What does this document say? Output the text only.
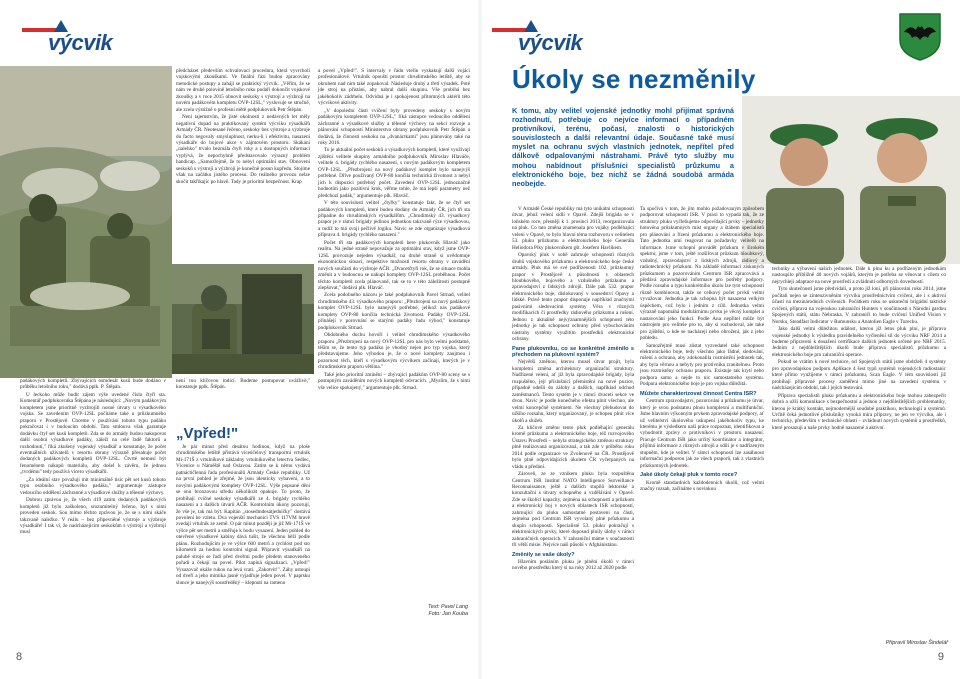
výcvik

padákových kompletů. Zbývajících osmdesát kusů bude dodáno v průběhu letošního roku," dodává pplk. P. Štěpán.

U leckoho může budit zájem výše uvedené číslo čtyři sta. Komentář podplukovníka Štěpána je následující: „Novým padákovým kompletem jsme prioritně vyzbrojili nosné útvary u výsadkového vojska. Se zavedením OVP-12SL počítáme také u průzkumného praporu v Prostějově. Chceme v používání tohoto typu padáku pokračovat i v budoucím období. Tato smlouva však garantuje dodávku čtyř set kusů kompletů. Zda se do armády budou nakupovat další osobní výsadkové padáky, záleží na celé řadě faktorů a rozhodnutí," říká zkušený vojenský výsadkář a konstatuje, že počet eventuálních uživatelů v resortu obrany výrazně přesahuje počet dodaných padákových kompletů OVP-12SL. Čtvrté nemusí být fenoménem nákupů materiálu, aby došel k závěru, že jednou „tvrdému" tedy používá vícero výsadkářů.

„Za ideální stav považuji mít minimálně tisíc pět set kusů tohoto typu osobního výsadkového padáku," argumentuje zástupce vedoucího oddělení záchranné a výsadkové služby a tělesné výchovy.

Dobrou zprávou je, že všech 419 zatím dodaných padákových kompletů již bylo zaškoleno, srozumitelný řečeno, byl s nimi proveden seskok. Sou mimo těchto zprávou je, že se s nimi skáče takzvaně naležko. V reálu – bez připevněné výstroje a výzbroje výsadkáře! I tak ví, že nadcházejícím seskokům s výstrojí a výzbrojí musí

předcházet především schvalovací procedura, která vyvrcholí vojskovými zkouškami. Ve finální fázi budou zpracovány metodické postupy a zahájí se praktický výcvik. „Věřím, že se nám ve druhé polovině letošního roku podaří dokončit vojskové zkoušky a v roce 2015 obnovit seskoky s výstrojí a výzbrojí na novém padákovém kompletu OVP-12SL," vyslovuje se stručně, ale zcela výstižně o profesní mětě podplukovník Petr Štěpán.

Není tajemstvím, že jisté okolnosti z nedávných let měly negativní dopad na praktikovaný systém výcviku výsadkářů Armády ČR. Neotesané řečeno, seskoky bez výstroje a výzbroje do facto negovaly smysluplnost, nerku-li i efektivitu, nasazení výsadkáře do bojové akce v zájmovém prostoru. Skákání „nalehko" trvalo bezmála čtyři roky a z dostupných informací vyplývá, že nepochybně představovalo výrazný problém handicap. „Samozřejmě, že to nebyl optimální stav. Obnovení seskoků s výstrojí a výzbrojí je konečně posun kupředu. Stojíme však na začátku jistého procesu. Do reálného provozu nelze skočit takříkajíc po hlavě. Tady je prioritní bezpečnost. Krap

není tou klíčovou indicí. Budeme postupovat uvážlivě," konstatuje pplk. Štěpán.

„Vpřed!"

Je pár minut před desátou hodinou, když na ploše chrudimského letiště přistává víceúčelový transportní vrtulník Mi-171Š z vrtulníkové základny vrtulníkového letectva Sedlec, Vícenice u Náměště nad Oslavou. Zatím se k němu vydává patnáctičlenná řada profesionálů Armády České republiky. Už na první pohled je zřejmé, že jsou identicky vybaveni, a to novými padákovými komplety OVP-12SL. Výše popsané děni se onu bronzovou středu několikrát opakuje. To proto, že probíhají cvičné seskoky výsadkářů ze 4. brigády rychlého nasazení a z dalších útvarů AČR. Kontrolním úkony pozorují, že vše je, tak má být. Kapitán „stosedmdesátjedničky" dostává povolení ke vzletu. Dva vojenští mechanici TVS 117VM hravě zvedají vrtulník ze země. O pár minut později je již Mi-171Š ve výšce pět set metrů a směřuje k bodu vysazení. Jeden pohled do otevřené výsadkové kabiny dává tušit, že všechno běží podle plánu. Rozhodujícím je ve výšce 600 metrů a rychlost pod sto kilometrů za hodinu kontrolní signál. Přípravit výsadkáři na palubě stroje se řadí před dveřmi podle předem stanoveného pořadí a čekají na povel. Pilot zapíná signalizaci. „Vpřed!" Vysazovač ukáže rukou na levá vrati. „Zakotvit!". Záhy ustoupí od dveří a jeho mimika jasně vyjadřuje jeden povel. V paprsku slunce je nanejvýš soustředěný – klepnutí na rameno

a povel „Vpřed!". S intervaly v řádu vteřin vyskakují další vojáci profesionálové. Vrtulník opouští prostor chrudimského letiště, aby se okruhem nad ním také zopakoval. Následuje druhý a třetí výsadek. Poté jde stroj na přistání, aby nabral další skupinu. Vše probíhá bez jakéhokoliv zádrhelu. Odvídná je i spokojenost přítomných aktérů této výcvikové aktivity.

„V dopolední části cvičení byly provedeny seskoky s novým padákovým kompletem OVP-12SL," říká zástupce vedoucího oddělení záchranné a výsadkové služby a tělesné výchovy na sekci rozvoje a plánování schopností Ministerstva obrany podplukovník Petr Štěpán a dodává, že činnosti seskoku na „dvanáctkami" jsou plánovány také na roky 2016.

To je aktuální počet seskoků a výsadkových kompletů, které využívají zjištění velitele skupiny armádního podplukovník Miroslav Hlaváče, velitele 4. brigády rychlého nasazení, s novým padákovým kompletem OVP-12SL. „Přezbrojení na nový padákový komplet bylo nanejvýš potřebné. Dříve používaný OVP-80 končila technická životnost a nebyl jich k dispozici potřebný počet. Zavedení OVP-12SL jednoznačně hodnotím jako pozitivní krok, věřme tohle, že má lepší parametry než předchozí padák," argumentuje plk. Hlaváč.

V této souvislosti velitel „čtyřky" konstatuje fakt, že se čtyř set padákových kompletů, které budou dodány do Armády ČR, jich tři sta připadne do chrudimských výsadkářům. „Chrudimský 43. výsadkový prapor je v rámci brigády jedinou jednotkou takzvaně rýze výsadkovou, a tudíž to má svoji pečlivě logiku. Navíc se zde organizuje výsadková příprava 4. brigády rychlého nasazení."

Počet tři sta padákových kompletů bere plukovník Hlaváč jako realitu. Na jedné straně nepovažuje za optimální stav, když jsme OVP-12SL provozuje nejeden výsadkář, na druhé straně si uvědomuje ekonomickou situaci, respektive možnosti resortu obrany v zavádění nových součástí do výzbroje AČR. „Dvacetčtyři rok, že se situace mohla změnit a v budoucnu se nakupí komplety OVP-12SL proběhnou. Počet těchto kompletů zcela plánovaně, tak se to v této záležitosti postupně zlepšovat," dodává plk. Hlaváč.

Zcela podobného názoru je také podplukovník Pavel Strnad, velitel chrudimského 43. výsadkového praporu: „Přezbrojení na nový padákový komplet OVP-12SL bylo nanejvýš potřebné, jelikož nás padákové komplety OVP-80 končila technická životnost. Padáky OVP-12SL přinášejí v porovnání se starými padáky řadu výhod," konstatuje podplukovník Strnad.

Obdobného duchu hovoří i velitel chrudimského výsadkového praporu „Přezbrojení na nový OVP-12SL pro nás bylo velmi podstatné, těším se, že tento typ padáku je vhodný nejen pro typ vojska, který představujeme. Jeho výhodou je, že o nové komplety zaujmou i pozornost těch, kteří s výsadkovým výcvikem začínají, kterých je v chrudimském praporu většina."

Také jeho prioritní zmínění – zbývající padákům OVP-80 sceny se s postupným zaváděním nových kompletů odvracích. „Myslím, že s nimi vše velice spokojený," argumentuje plk. Strnad.

Text: Pavel Lang
Foto: Jan Kouba
8
výcvik
Úkoly se nezměnily
K tomu, aby velitel vojenské jednotky mohl přijímat správná rozhodnutí, potřebuje co nejvíce informací o případném protivníkovi, terénu, počasí, znalosti o historických souvislostech a další relevantní údaje. Současné také musí myslet na ochranu svých vlastních jednotek, nepřítel před dálkově odpalovanými nástrahami. Právě tyto služby mu mohou nabídnout příslušníci specialistů průzkumu a elektronického boje, bez nichž se žádná soudobá armáda neobejde.

V Armádě České republiky má tyto unikátní schopnosti útvar, jehož velení sídlí v Opavě. Zdejší brigáda se v loňském roce, přesněji k 1. prosinci 2013, reorganizovala na pluk. Co tato změna znamenala pro vojáky podléhající velení v Opavě, to bylo hlavní téma rozhovoru s velitelem 53. pluku průzkumu a elektronického boje Generála Heliodora Píky plukovníkem gšt. Josefem Havlíkem.

Opavský pluk v sobě zahrnuje schopnosti různých druhů vojskového průzkumu a elektronického boje české armády. Pluk má ve své podřízenosti 102. průzkumný prapor v Prostějově s působností v oblastech hloubkového, bojového a vzdušného průzkumu a zpravodajství z lidských zdrojů. Dále pak 532. prapor elektronického boje, dislokovaný v sousedství Opavy a lidské. Právě tento prapor disponuje například značnými pasivními sledovacími systémy Věra v různých modifikacích či prostředky rádiového průzkumu a rušení. Jednou z aktuálně nejvýznamnějších schopností této jednotky je tak schopnost ochrany před vybuchováním nástrahy systémy využitím prostředků elektronické ochrany.

Pane plukovníku, co se konkrétně změnilo s přechodem na plukovní systém?

Největší změnou, kterou musel útvar projít, byla kompletní změna architektury organizační struktury. Nadřízené velení, ať již byla zpravodajské brigády, byla rozpuštěno, její příslušníci přemístění na nové pozice, případně odešli do zálohy a dalších, například odchod zaměstnanců. Tento systém je v rámci dvaceti sekce ve dvou. Navíc je podle konečného efektu plnit všechno, ale velmi koncepčně systémem. Ne všechny přebudovat do užšího rozsahu, který organizovaný, je schopen plnit více úkolů a služeb.

Za klíčové změnu tento pluk podléhající generálu kromě průzkumu a elektronického boje, též rozvojového Ústavu Prostředí – nebyla strategického změnou struktury plně realizovaná organizovaná, a tak zde v průběhu roku 2014 podle organizace ve Zvolenově na ČR. Prostějově bylo plně odpovídajících úkolem ČR vyčerpaných na vládu a předání.

Zároveň, ze ze vznikem pluku byla rozpuštěna Centrum ISR Institut NATO Intelligence Surveillance Reconnaissance, ještě z dalších stupňů lektorské a konzultační s útvary schopného a vzdělávání v Opavě. Zde se školící kapacity, zejména na schopnosti a průzkum a elektronický boj v nových oblastech ISR schopností, zahrnující do pluku samostatné postavení na části, zejména pod Centrum ISR vyvolaný plné průzkumu a skupin schopnosti. Specialisté 53. pluku pokračují s elektronických prvky, které doposud plnily úlohy v rámci zahraničních operacích. V zahraniční máme v současnosti tři větší misie. Nejvíce naši působí v Afghánistánu.

Změnily se vaše úkoly?

Hlavním posláním pluku je plnění úkolů v rámci nového prostředku který si na roky 2012 až 2020 podle

Ta spočívá v tom, že jím mohlo požadovaným způsobem podporovat schopnosti ISR. V praxi to vypadá tak, že ze struktury pluku vyčleňujeme odpovídající prvky – jednotky hotovéna průzkumných míst organy a štábem specialistů pro plánování a řízení průzkumu a elektronického boje. Tato jednotka umí reagovat na požadavky velitelů na informace. Jsme schopni provádět průzkum v širokém spektru; jsme v tom, ještě rozšiřovat průzkum hloubkový, vzdušný, zpravodajství z lidských zdrojů, rádiový a radiotechnický průzkum. Na základě informací získaných průzkumem a pozorováním Centrum ISR zpracovává a předává zpravodajské informace pro potřeby podpory. Podle rozsahu a typu konkrétního úkolu lze tyto schopnosti různě kombinovat, takže se celkový počet prvků velmi vyvažovat. Jednotka je tak schopna být nasazena velkým úspěchem, což bylo i jedním z cílů. Jednotka velmi výrazně napomáhá modulárnímu prvku je věcný komplet a nastavování jeho funkcí. Podle Ana nepřitel může být nástrojem pro velitele pro to, aby si rozhodoval, ale také pro zjištění, o kde se nacházejí nebo ohrožení, jak z jeho pohledu.

Samozřejmě musí zůstat vyzvedatel také schopnost elektronického boje, tedy všechno jako řádné, sledování, rušení a ochrana, aby zdokonalila rozmístění jednotek tak, aby byla věrnou a nebyly pro protivníka zranitelnou. Proto jsou rozmístěny ochranu praporu. Existuje tak krytí nebo podpora samo a nejde to nic samostatného systému. Podpora elektronického boje je pro vojska důležitá.

Můžete charakterizovat činnost Centra ISR?

Centrum zpravodajství, pozorování a průzkumu je útvar, který je svou podstatou plnou komplexní a multifunkční. Jsme hlavním výkonným prvkem zpravodajské podpory, ať už velitelství úkolového uskupení jakéhokoliv typu, ke kterému je výsledkem naší práce rozpoznat, identifikovat a vyhodnotit zprávy o protivníkovi v prostoru nasazení. Pracuje Centrum ISR jako určitý koordinátor a integrátor, přijímá informace z různých zdrojů a sdílí je s nadřízeným stupněm, kde je velitel. V rámci schopnosti lze zasáhnout informační podporou jak ze všech praporů, tak z vlastních průzkumných jednotek.

Jaké úkoly čekají pluk v tomto roce?

Kromě standardních každodenních úkolů, což velmi značný rozsah, začínáme s novinkou

techniky a výbavení našich jednotek. Dále k plnu ku a podřízeným jednotkám nastoupilo přibližně 40 nových vojáků, kterým je potřeba se věnovat s cílem co nejrychleji adaptace na nové prostředí a zvládnutí odborných dovedností.

Tyto skutečnosti jsme předvídali, a proto již loni, při plánování roku 2014, jsme počítali nejen se zintenzivněním výcviku prostředníctvím cvičení, ale i s aktivní účastí na mezinárodních cvičeních. Počátkem roku se uskuteční brigádní taktické cvičení, příprava na vojenskou zahraniční Hunters v součinnosti s Národní gardou Spojených států, státu Nebraska. V zahraničí to bude cvičení Unified Vision v Norsku, Steadfast Indicator v Rumunsku a Anatolien Eagle v Turecku.

Jako další velmi důležitou událost, kterou již letos pluk plní, je příprava vojenské jednotky k výsledku pravidelného vyčlenění sil do výcviku NRF 2014 a budeme připraveni k dosažení certifikace dalších jednotek určené pro NRF 2015. Jedním z nejdůležitějších úkolů bude příprava specialistů průzkumu a elektronického boje pro zahraniční operace.

Pokud se vrátím k nové technice, od Spojených států jsme obdrželi 4 systémy pro zpravodajskou podporu Aplikace 4 šest typů systémů vojenských radiostanic které přímo využijeme v rámci průzkumu, Scan Eagle. V tém souvislostí již probíhají přípravné procesy zaměření mimo jiné na zavedení systému v nadcházejícím období, tak i jejich testování.

Příprava specialistů pluku průzkumu a elektronického boje mohou zabezpečit dobrá a užší komunikace s bezpečnostní a jednou z nejdůležitějších problematiky, kterou je krátký kontakt, nejmodernější soudobé praktikou, technologií a systémů. Určitě čeká jednotlivé příslušníky vysoká míra přípravy, ne jen ve výcviku, ale i technicky, především v technické oblasti – zvládnutí nových systémů a prostředků, které prosazují a naše prvky hodně nasazené a aktivní.

Připravil Miroslav Šindelář
9
